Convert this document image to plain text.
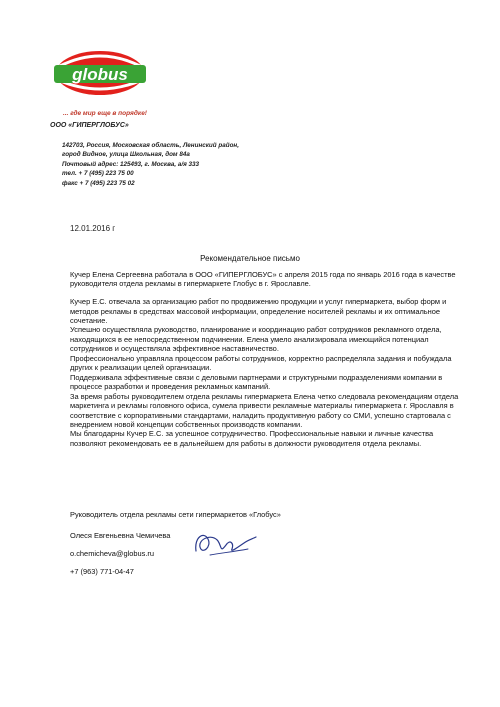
globus
... где мир еще в порядке!
ООО «ГИПЕРГЛОБУС»
142703, Россия, Московская область, Ленинский район,
город Видное, улица Школьная, дом 84а
Почтовый адрес: 125493, г. Москва, а/я 333
тел. + 7 (495) 223 75 00
факс + 7 (495) 223 75 02
12.01.2016 г
Рекомендательное письмо

Кучер Елена Сергеевна работала в ООО «ГИПЕРГЛОБУС» с апреля 2015 года по январь 2016 года в качестве руководителя отдела рекламы в гипермаркете Глобус в г. Ярославле.

Кучер Е.С. отвечала за организацию работ по продвижению продукции и услуг гипермаркета, выбор форм и методов рекламы в средствах массовой информации, определение носителей рекламы и их оптимальное сочетание.

Успешно осуществляла руководство, планирование и координацию работ сотрудников рекламного отдела, находящихся в ее непосредственном подчинении. Елена умело анализировала имеющийся потенциал сотрудников и осуществляла эффективное наставничество.

Профессионально управляла процессом работы сотрудников, корректно распределяла задания и побуждала других к реализации целей организации.

Поддерживала эффективные связи с деловыми партнерами и структурными подразделениями компании в процессе разработки и проведения рекламных кампаний.

За время работы руководителем отдела рекламы гипермаркета Елена четко следовала рекомендациям отдела маркетинга и рекламы головного офиса, сумела привести рекламные материалы гипермаркета г. Ярославля в соответствие с корпоративными стандартами, наладить продуктивную работу со СМИ, успешно стартовала с внедрением новой концепции собственных производств компании.

Мы благодарны Кучер Е.С. за успешное сотрудничество. Профессиональные навыки и личные качества позволяют рекомендовать ее в дальнейшем для работы в должности руководителя отдела рекламы.

Руководитель отдела рекламы сети гипермаркетов «Глобус»
Олеся Евгеньевна Чемичева
o.chemicheva@globus.ru
+7 (963) 771-04-47
